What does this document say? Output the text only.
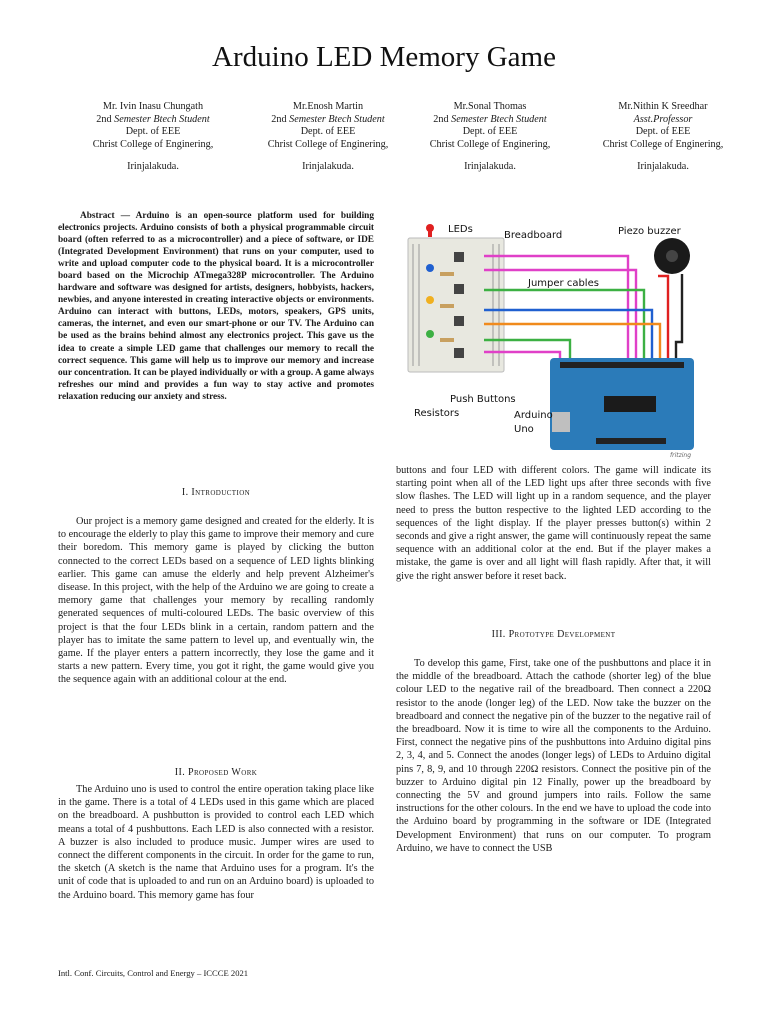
Arduino LED Memory Game
Mr. Ivin Inasu Chungath
2nd Semester Btech Student
Dept. of EEE
Christ College of Enginering,
Irinjalakuda.
Mr.Enosh Martin
2nd Semester Btech Student
Dept. of EEE
Christ College of Enginering,
Irinjalakuda.
Mr.Sonal Thomas
2nd Semester Btech Student
Dept. of EEE
Christ College of Enginering,
Irinjalakuda.
Mr.Nithin K Sreedhar
Asst.Professor
Dept. of EEE
Christ College of Enginering,
Irinjalakuda.

Abstract — Arduino is an open-source platform used for building electronics projects. Arduino consists of both a physical programmable circuit board (often referred to as a microcontroller) and a piece of software, or IDE (Integrated Development Environment) that runs on your computer, used to write and upload computer code to the physical board. It is a microcontroller board based on the Microchip ATmega328P microcontroller. The Arduino hardware and software was designed for artists, designers, hobbyists, hackers, newbies, and anyone interested in creating interactive objects or environments. Arduino can interact with buttons, LEDs, motors, speakers, GPS units, cameras, the internet, and even our smart-phone or our TV. The Arduino can be used as the brains behind almost any electronics project. This gave us the idea to create a simple LED game that challenges our memory to recall the correct sequence. This game will help us to improve our memory and increase our concentration. It can be played individually or with a group. A game always refreshes our mind and provides a fun way to stay active and promotes relaxation reducing our anxiety and stress.

I. Introduction

Our project is a memory game designed and created for the elderly. It is to encourage the elderly to play this game to improve their memory and cure their boredom. This memory game is played by clicking the button connected to the correct LEDs based on a sequence of LED lights blinking earlier. This game can amuse the elderly and help prevent Alzheimer's disease. In this project, with the help of the Arduino we are going to create a memory game that challenges your memory by recalling randomly generated sequences of multi-coloured LEDs. The basic overview of this project is that the four LEDs blink in a certain, random pattern and the player has to imitate the same pattern to level up, and eventually win, the game. If the player enters a pattern incorrectly, they lose the game and it starts a new pattern. Every time, you got it right, the game would give you the sequence again with an additional colour at the end.

II. Proposed Work

The Arduino uno is used to control the entire operation taking place like in the game. There is a total of 4 LEDs used in this game which are placed on the breadboard. A pushbutton is provided to control each LED which means a total of 4 pushbuttons. Each LED is also connected with a resistor. A buzzer is also included to produce music. Jumper wires are used to connect the different components in the circuit. In order for the game to run, the sketch (A sketch is the name that Arduino uses for a program. It's the unit of code that is uploaded to and run on an Arduino board) is uploaded to the Arduino board. This memory game has four

buttons and four LED with different colors. The game will indicate its starting point when all of the LED light ups after three seconds with five slow flashes. The LED will light up in a random sequence, and the player need to press the button respective to the lighted LED according to the sequences of the light display. If the player presses button(s) within 2 seconds and give a right answer, the game will continuously repeat the same sequence with an additional color at the end. But if the player makes a mistake, the game is over and all light will flash rapidly. After that, it will give the right answer before it reset back.

III. Prototype Development

To develop this game, First, take one of the pushbuttons and place it in the middle of the breadboard. Attach the cathode (shorter leg) of the blue colour LED to the negative rail of the breadboard. Then connect a 220Ω resistor to the anode (longer leg) of the LED. Now take the buzzer on the breadboard and connect the negative pin of the buzzer to the negative rail of the breadboard. Now it is time to wire all the components to the Arduino. First, connect the negative pins of the pushbuttons into Arduino digital pins 2, 3, 4, and 5. Connect the anodes (longer legs) of LEDs to Arduino digital pins 7, 8, 9, and 10 through 220Ω resistors. Connect the positive pin of the buzzer to Arduino digital pin 12 Finally, power up the breadboard by connecting the 5V and ground jumpers into rails. Follow the same instructions for the other colours. In the end we have to upload the code into the Arduino board by programming in the software or IDE (Integrated Development Environment) that runs on our computer. To program Arduino, we have to connect the USB

LEDs
Breadboard	Piezo buzzer
Jumper cables
Push Buttons
Resistors	Arduino
Uno
fritzing
Intl. Conf. Circuits, Control and Energy – ICCCE 2021
